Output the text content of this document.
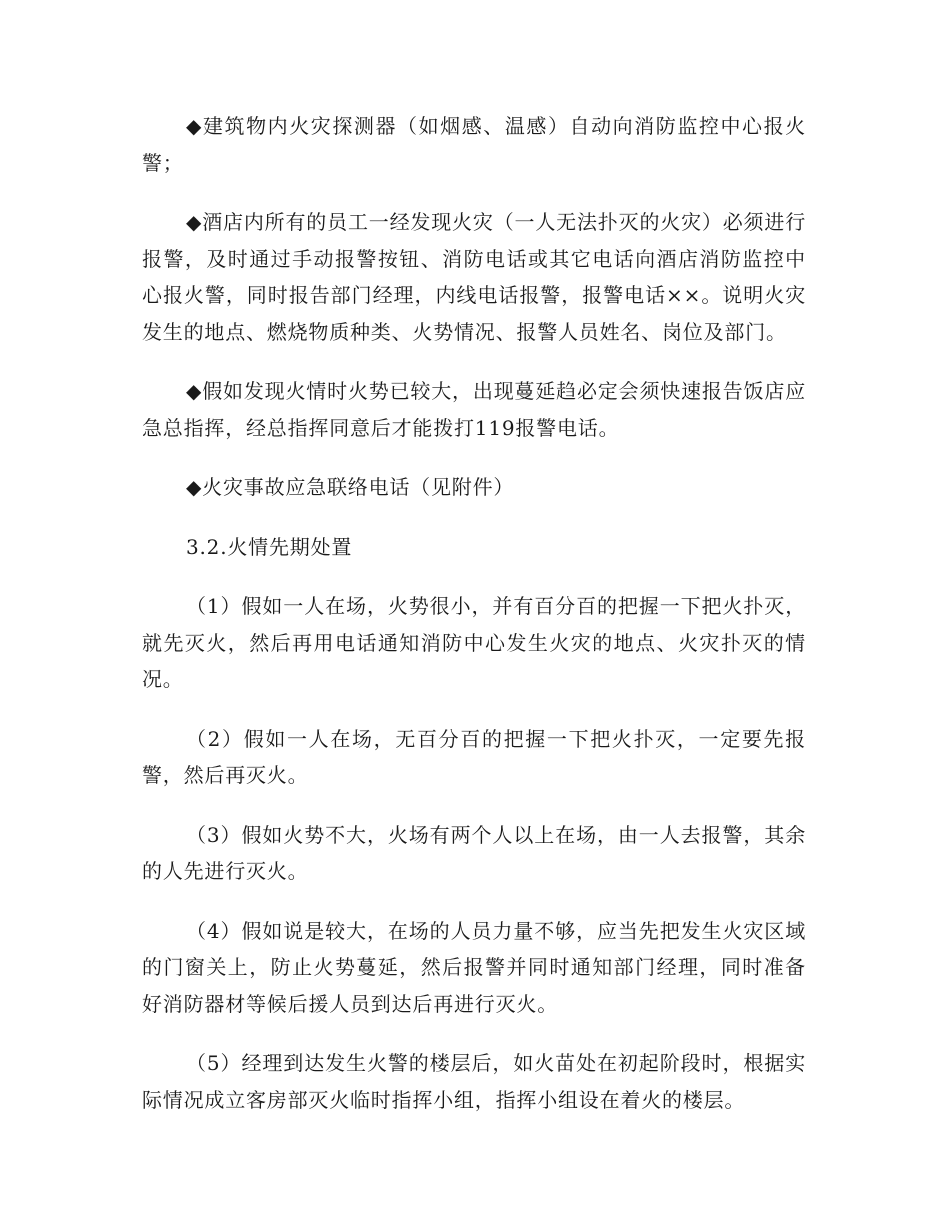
◆建筑物内火灾探测器（如烟感、温感）自动向消防监控中心报火警；

◆酒店内所有的员工一经发现火灾（一人无法扑灭的火灾）必须进行报警，及时通过手动报警按钮、消防电话或其它电话向酒店消防监控中心报火警，同时报告部门经理，内线电话报警，报警电话××。说明火灾发生的地点、燃烧物质种类、火势情况、报警人员姓名、岗位及部门。

◆假如发现火情时火势已较大，出现蔓延趋必定会须快速报告饭店应急总指挥，经总指挥同意后才能拨打119报警电话。

◆火灾事故应急联络电话（见附件）

3.2.火情先期处置

（1）假如一人在场，火势很小，并有百分百的把握一下把火扑灭，就先灭火，然后再用电话通知消防中心发生火灾的地点、火灾扑灭的情况。

（2）假如一人在场，无百分百的把握一下把火扑灭，一定要先报警，然后再灭火。

（3）假如火势不大，火场有两个人以上在场，由一人去报警，其余的人先进行灭火。

（4）假如说是较大，在场的人员力量不够，应当先把发生火灾区域的门窗关上，防止火势蔓延，然后报警并同时通知部门经理，同时准备好消防器材等候后援人员到达后再进行灭火。

（5）经理到达发生火警的楼层后，如火苗处在初起阶段时，根据实际情况成立客房部灭火临时指挥小组，指挥小组设在着火的楼层。
